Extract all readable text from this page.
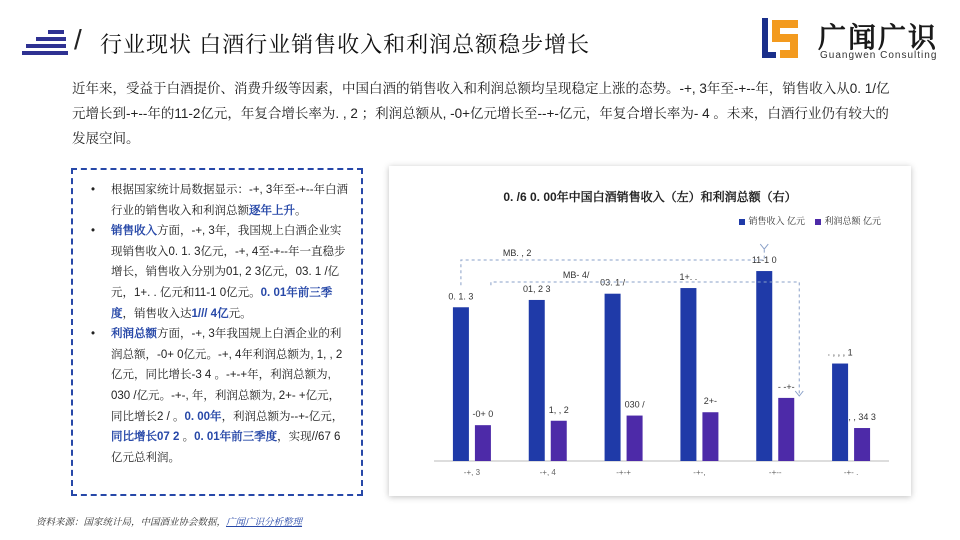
/ 行业现状 白酒行业销售收入和利润总额稳步增长	广闻广识
Guangwen Consulting
近年来，受益于白酒提价、消费升级等因素，中国白酒的销售收入和利润总额均呈现稳定上涨的态势。-+, 3年至-+--年，销售收入从0. 1/亿元增长到-+--年的11-2亿元，年复合增长率为. , 2 ；利润总额从, -0+亿元增长至--+-亿元，年复合增长率为- 4 。未来，白酒行业仍有较大的发展空间。
• 根据国家统计局数据显示：-+, 3年至-+--年白酒行业的销售收入和利润总额逐年上升。
• 销售收入方面，-+, 3年，我国规上白酒企业实现销售收入0. 1. 3亿元，-+, 4至-+--年一直稳步增长，销售收入分别为01, 2 3亿元，03. 1 /亿元，1+. . 亿元和11-1 0亿元。0. 01年前三季度，销售收入达1/// 4亿元。
• 利润总额方面，-+, 3年我国规上白酒企业的利润总额，-0+ 0亿元。-+, 4年利润总额为, 1, , 2亿元，同比增长-3 4 。-+-+年，利润总额为, 030 /亿元。-+-, 年，利润总额为, 2+- +亿元，同比增长2 / 。0. 00年，利润总额为--+-亿元，同比增长07 2 。0. 01年前三季度，实现//67 6亿元总利润。
0. /6 0. 00年中国白酒销售收入（左）和利润总额（右）
销售收入 亿元 利润总额 亿元
0. 1. 3
-0+ 0
-+, 3
01, 2 3
1, , 2
-+, 4
03. 1 /
030 /
-+-+
1+. .
2+-
-+-,
11-1 0
- -+-
-+--
. , , , 1
, , 34 3
-+- .
MB. , 2
MB- 4/
资料来源：国家统计局，中国酒业协会数据，广闻广识分析整理
